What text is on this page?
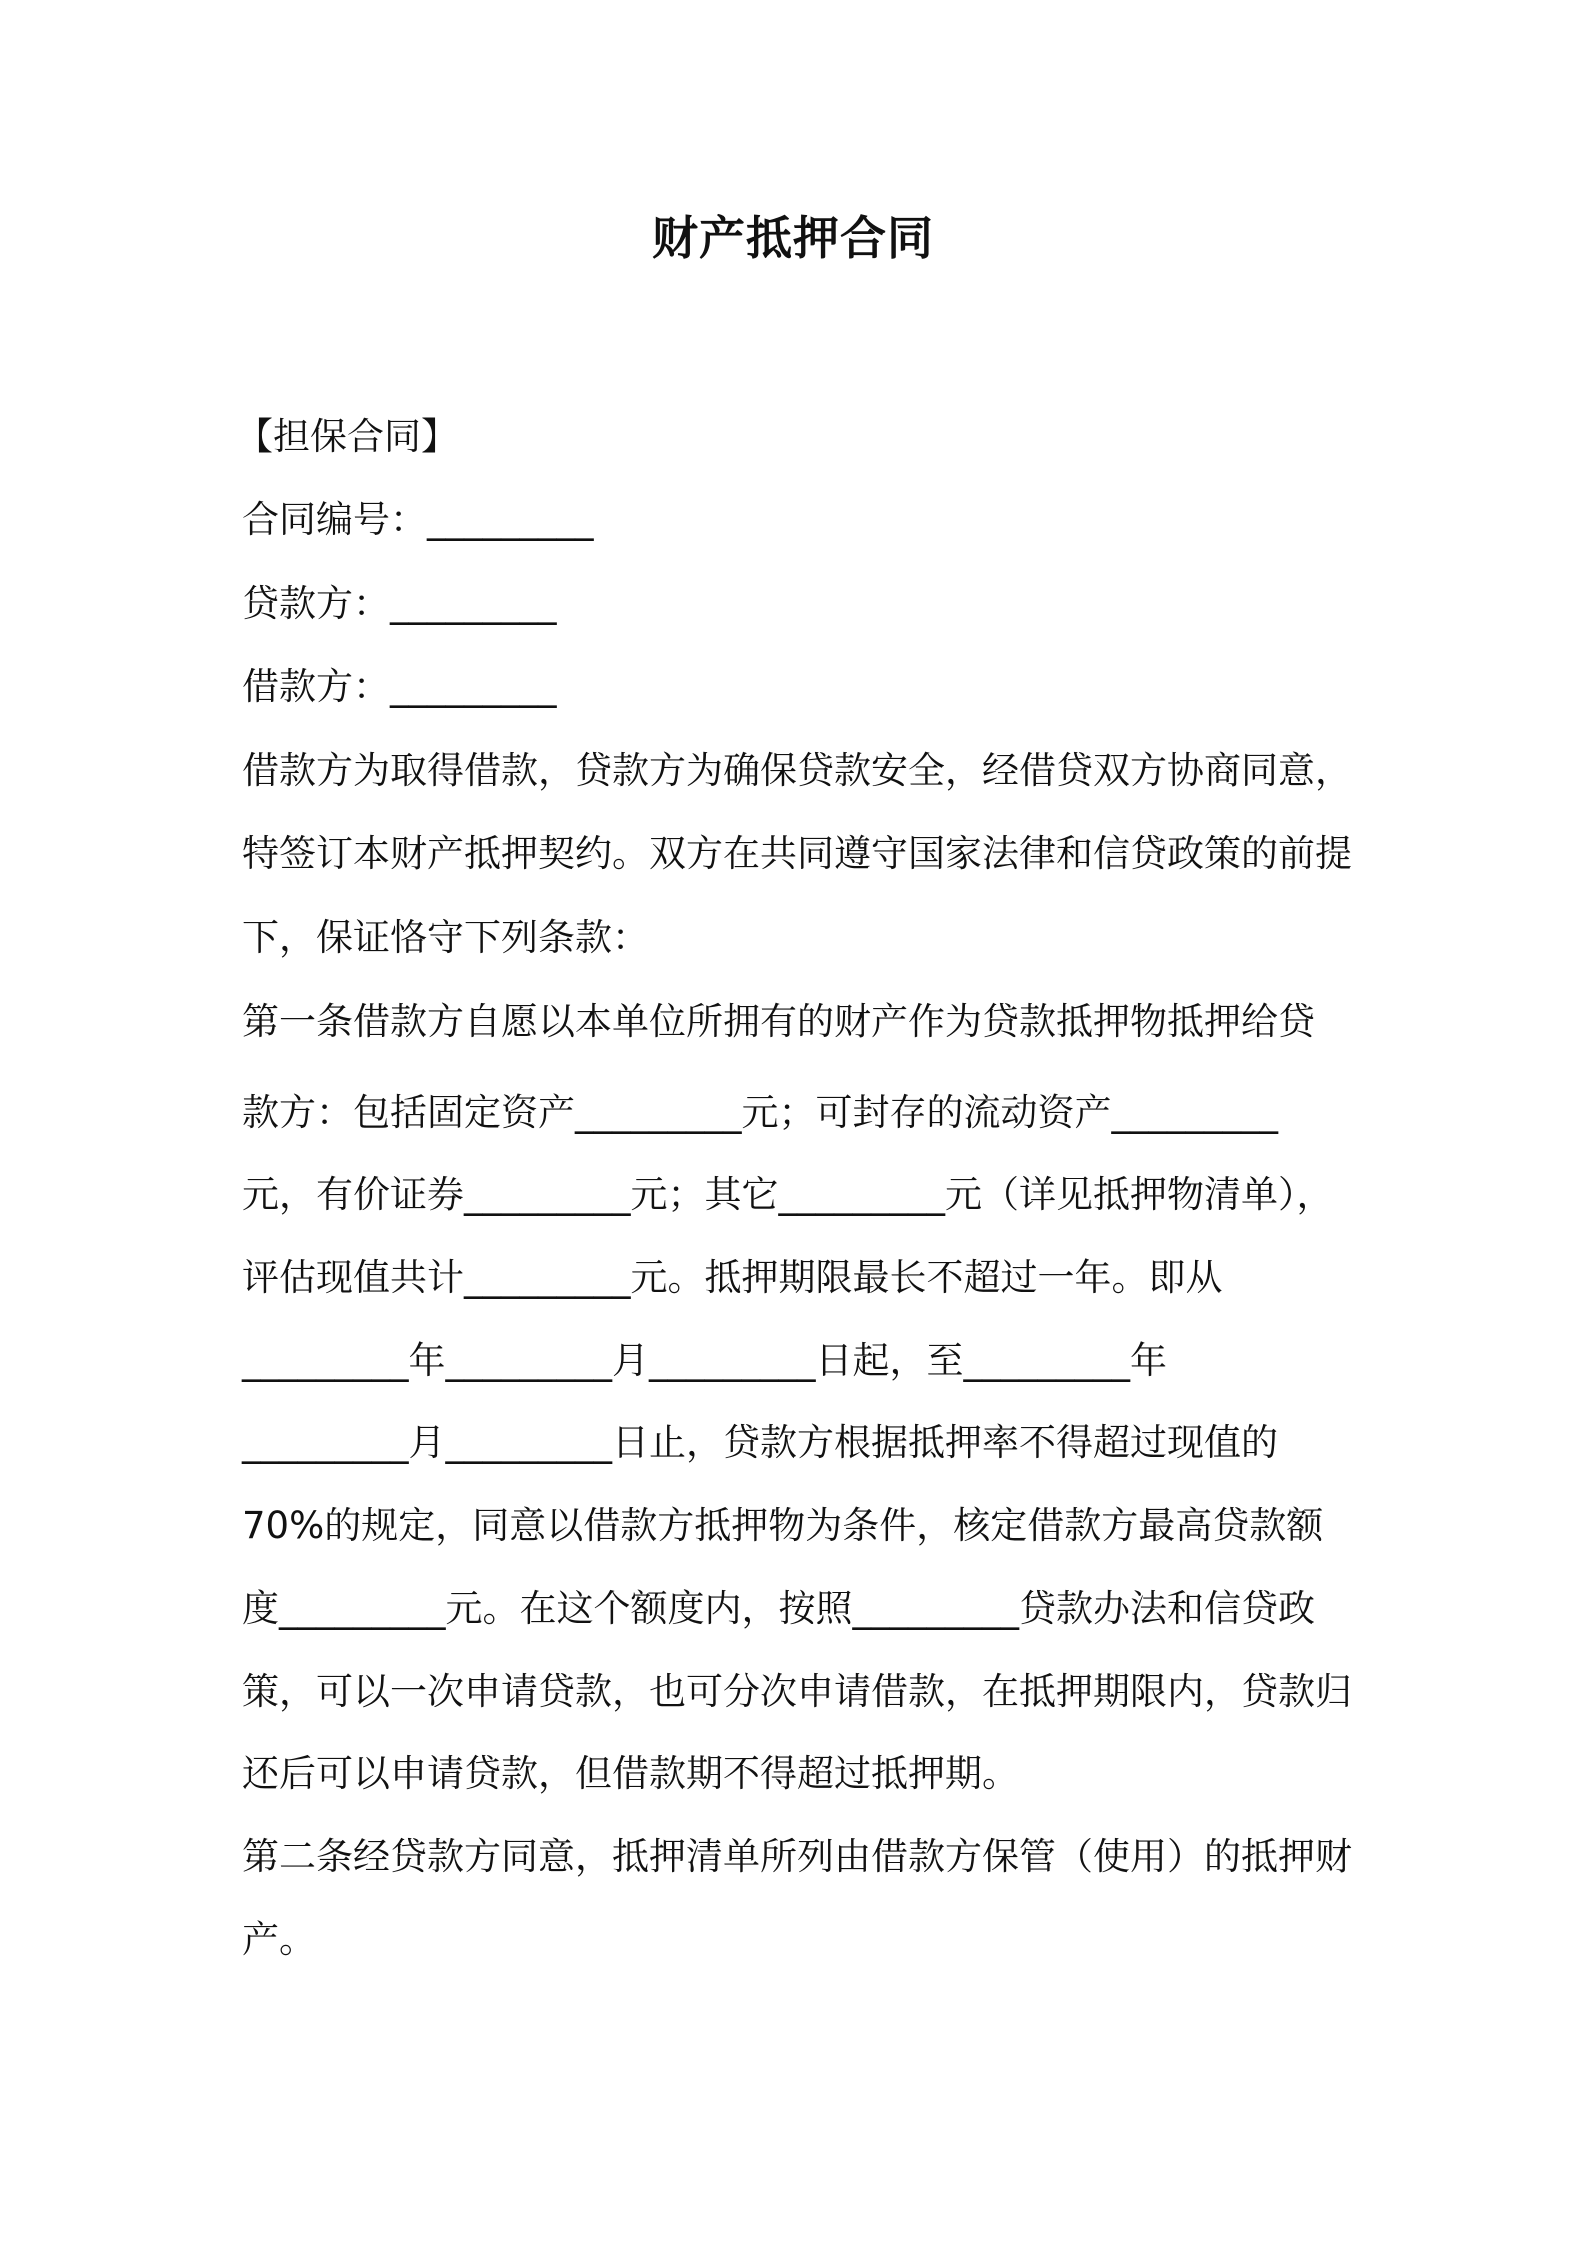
财产抵押合同
【担保合同】
合同编号：_________
贷款方：_________
借款方：_________
借款方为取得借款，贷款方为确保贷款安全，经借贷双方协商同意，
特签订本财产抵押契约。双方在共同遵守国家法律和信贷政策的前提
下，保证恪守下列条款：
第一条借款方自愿以本单位所拥有的财产作为贷款抵押物抵押给贷
款方：包括固定资产_________元；可封存的流动资产_________
元，有价证券_________元；其它_________元（详见抵押物清单），
评估现值共计_________元。抵押期限最长不超过一年。即从
_________年_________月_________日起，至_________年
_________月_________日止，贷款方根据抵押率不得超过现值的
70%的规定，同意以借款方抵押物为条件，核定借款方最高贷款额
度_________元。在这个额度内，按照_________贷款办法和信贷政
策，可以一次申请贷款，也可分次申请借款，在抵押期限内，贷款归
还后可以申请贷款，但借款期不得超过抵押期。
第二条经贷款方同意，抵押清单所列由借款方保管（使用）的抵押财
产。
